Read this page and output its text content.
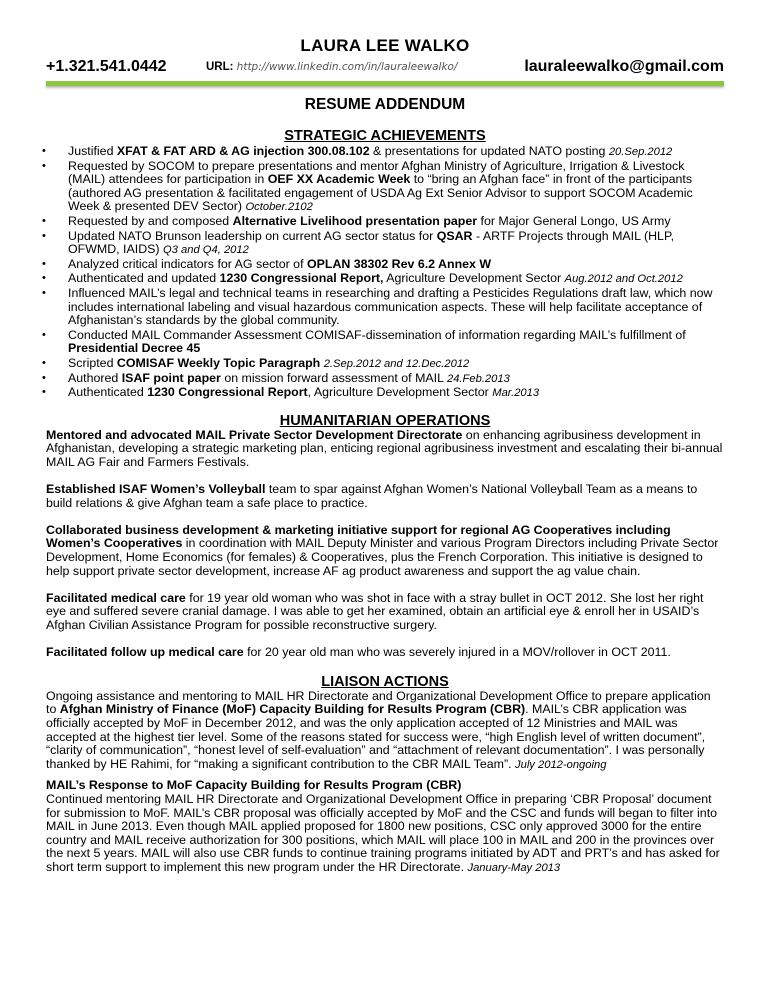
LAURA LEE WALKO
+1.321.541.0442	URL: http://www.linkedin.com/in/lauraleewalko/	lauraleewalko@gmail.com
RESUME ADDENDUM
STRATEGIC ACHIEVEMENTS
• Justified XFAT & FAT ARD & AG injection 300.08.102 & presentations for updated NATO posting 20.Sep.2012
• Requested by SOCOM to prepare presentations and mentor Afghan Ministry of Agriculture, Irrigation & Livestock (MAIL) attendees for participation in OEF XX Academic Week to “bring an Afghan face” in front of the participants (authored AG presentation & facilitated engagement of USDA Ag Ext Senior Advisor to support SOCOM Academic Week & presented DEV Sector) October.2102
• Requested by and composed Alternative Livelihood presentation paper for Major General Longo, US Army
• Updated NATO Brunson leadership on current AG sector status for QSAR - ARTF Projects through MAIL (HLP, OFWMD, IAIDS) Q3 and Q4, 2012
• Analyzed critical indicators for AG sector of OPLAN 38302 Rev 6.2 Annex W
• Authenticated and updated 1230 Congressional Report, Agriculture Development Sector Aug.2012 and Oct.2012
• Influenced MAIL’s legal and technical teams in researching and drafting a Pesticides Regulations draft law, which now includes international labeling and visual hazardous communication aspects. These will help facilitate acceptance of Afghanistan’s standards by the global community.
• Conducted MAIL Commander Assessment COMISAF-dissemination of information regarding MAIL’s fulfillment of Presidential Decree 45
• Scripted COMISAF Weekly Topic Paragraph 2.Sep.2012 and 12.Dec.2012
• Authored ISAF point paper on mission forward assessment of MAIL 24.Feb.2013
• Authenticated 1230 Congressional Report, Agriculture Development Sector Mar.2013
HUMANITARIAN OPERATIONS
Mentored and advocated MAIL Private Sector Development Directorate on enhancing agribusiness development in Afghanistan, developing a strategic marketing plan, enticing regional agribusiness investment and escalating their bi-annual MAIL AG Fair and Farmers Festivals.
Established ISAF Women’s Volleyball team to spar against Afghan Women’s National Volleyball Team as a means to build relations & give Afghan team a safe place to practice.
Collaborated business development & marketing initiative support for regional AG Cooperatives including Women’s Cooperatives in coordination with MAIL Deputy Minister and various Program Directors including Private Sector Development, Home Economics (for females) & Cooperatives, plus the French Corporation. This initiative is designed to help support private sector development, increase AF ag product awareness and support the ag value chain.
Facilitated medical care for 19 year old woman who was shot in face with a stray bullet in OCT 2012. She lost her right eye and suffered severe cranial damage. I was able to get her examined, obtain an artificial eye & enroll her in USAID’s Afghan Civilian Assistance Program for possible reconstructive surgery.
Facilitated follow up medical care for 20 year old man who was severely injured in a MOV/rollover in OCT 2011.
LIAISON ACTIONS
Ongoing assistance and mentoring to MAIL HR Directorate and Organizational Development Office to prepare application to Afghan Ministry of Finance (MoF) Capacity Building for Results Program (CBR). MAIL’s CBR application was officially accepted by MoF in December 2012, and was the only application accepted of 12 Ministries and MAIL was accepted at the highest tier level. Some of the reasons stated for success were, “high English level of written document”, “clarity of communication”, “honest level of self-evaluation” and “attachment of relevant documentation”. I was personally thanked by HE Rahimi, for “making a significant contribution to the CBR MAIL Team”. July 2012-ongoing
MAIL’s Response to MoF Capacity Building for Results Program (CBR)
Continued mentoring MAIL HR Directorate and Organizational Development Office in preparing ‘CBR Proposal’ document for submission to MoF. MAIL’s CBR proposal was officially accepted by MoF and the CSC and funds will began to filter into MAIL in June 2013. Even though MAIL applied proposed for 1800 new positions, CSC only approved 3000 for the entire country and MAIL receive authorization for 300 positions, which MAIL will place 100 in MAIL and 200 in the provinces over the next 5 years. MAIL will also use CBR funds to continue training programs initiated by ADT and PRT’s and has asked for short term support to implement this new program under the HR Directorate. January-May 2013
